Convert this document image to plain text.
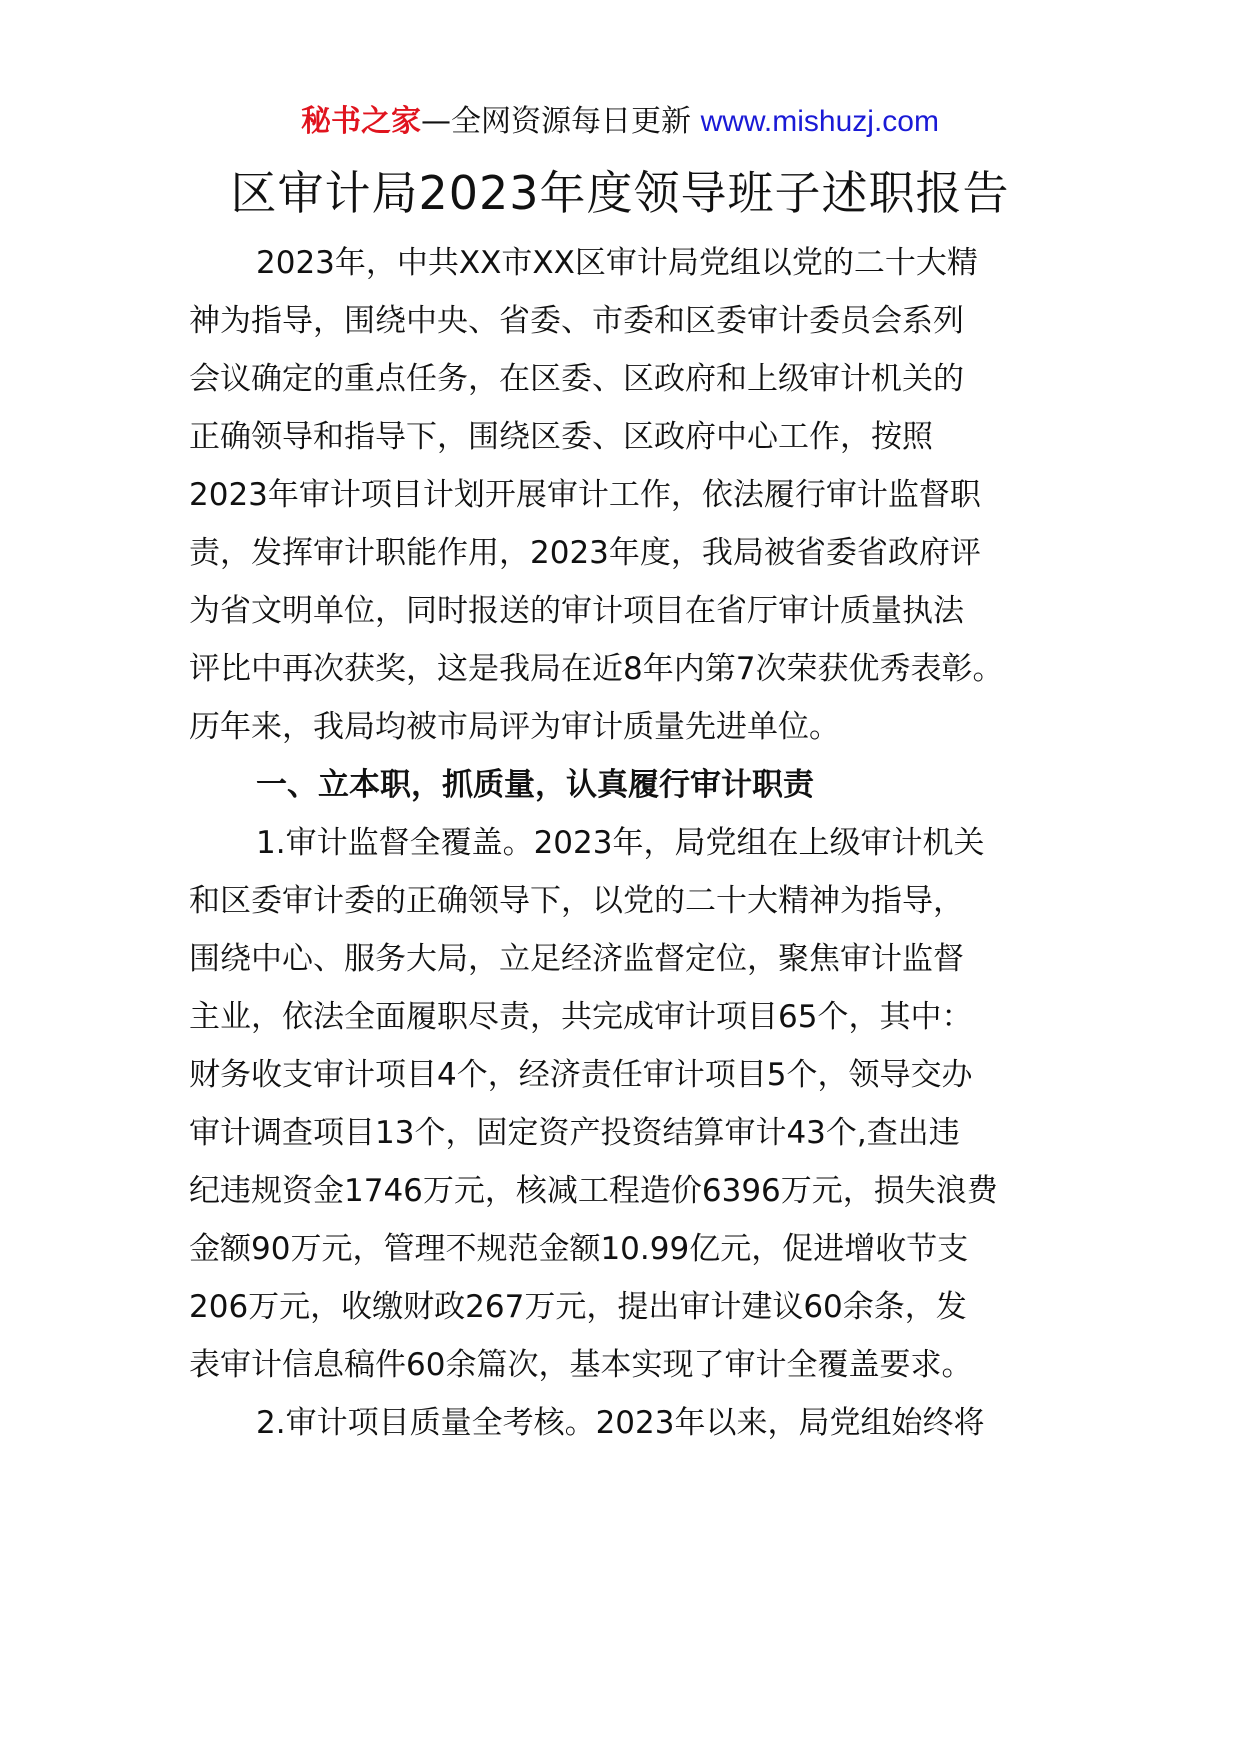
秘书之家—全网资源每日更新 www.mishuzj.com
区审计局2023年度领导班子述职报告
2023年，中共XX市XX区审计局党组以党的二十大精
神为指导，围绕中央、省委、市委和区委审计委员会系列
会议确定的重点任务，在区委、区政府和上级审计机关的
正确领导和指导下，围绕区委、区政府中心工作，按照
2023年审计项目计划开展审计工作，依法履行审计监督职
责，发挥审计职能作用，2023年度，我局被省委省政府评
为省文明单位，同时报送的审计项目在省厅审计质量执法
评比中再次获奖，这是我局在近8年内第7次荣获优秀表彰。
历年来，我局均被市局评为审计质量先进单位。
一、立本职，抓质量，认真履行审计职责
1.审计监督全覆盖。2023年，局党组在上级审计机关
和区委审计委的正确领导下，以党的二十大精神为指导，
围绕中心、服务大局，立足经济监督定位，聚焦审计监督
主业，依法全面履职尽责，共完成审计项目65个，其中：
财务收支审计项目4个，经济责任审计项目5个，领导交办
审计调查项目13个，固定资产投资结算审计43个,查出违
纪违规资金1746万元，核减工程造价6396万元，损失浪费
金额90万元，管理不规范金额10.99亿元，促进增收节支
206万元，收缴财政267万元，提出审计建议60余条，发
表审计信息稿件60余篇次，基本实现了审计全覆盖要求。
2.审计项目质量全考核。2023年以来，局党组始终将
